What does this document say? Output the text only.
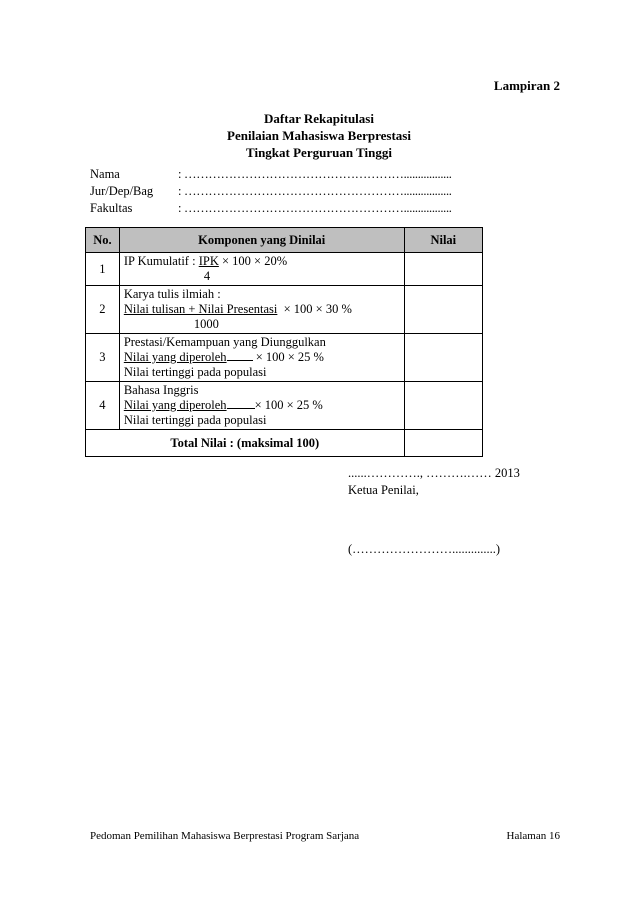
Lampiran 2
Daftar Rekapitulasi
Penilaian Mahasiswa Berprestasi
Tingkat Perguruan Tinggi
Nama	: ……………………………………………….................
Jur/Dep/Bag : ……………………………………………….................
Fakultas	: ……………………………………………….................
No.	Komponen yang Dinilai	Nilai
1	IP Kumulatif : IPK × 100 × 20%
4	

2	Karya tulis ilmiah :
Nilai tulisan + Nilai Presentasi  × 100 × 30 %
1000	

3	Prestasi/Kemampuan yang Diunggulkan
Nilai yang diperoleh × 100 × 25 %
Nilai tertinggi pada populasi	

4	Bahasa Inggris
Nilai yang diperoleh × 100 × 25 %
Nilai tertinggi pada populasi	

Total Nilai : (maksimal 100)		
......…………., ……….…… 2013
Ketua Penilai,
(……………………..............)
Pedoman Pemilihan Mahasiswa Berprestasi Program Sarjana	Halaman 16
